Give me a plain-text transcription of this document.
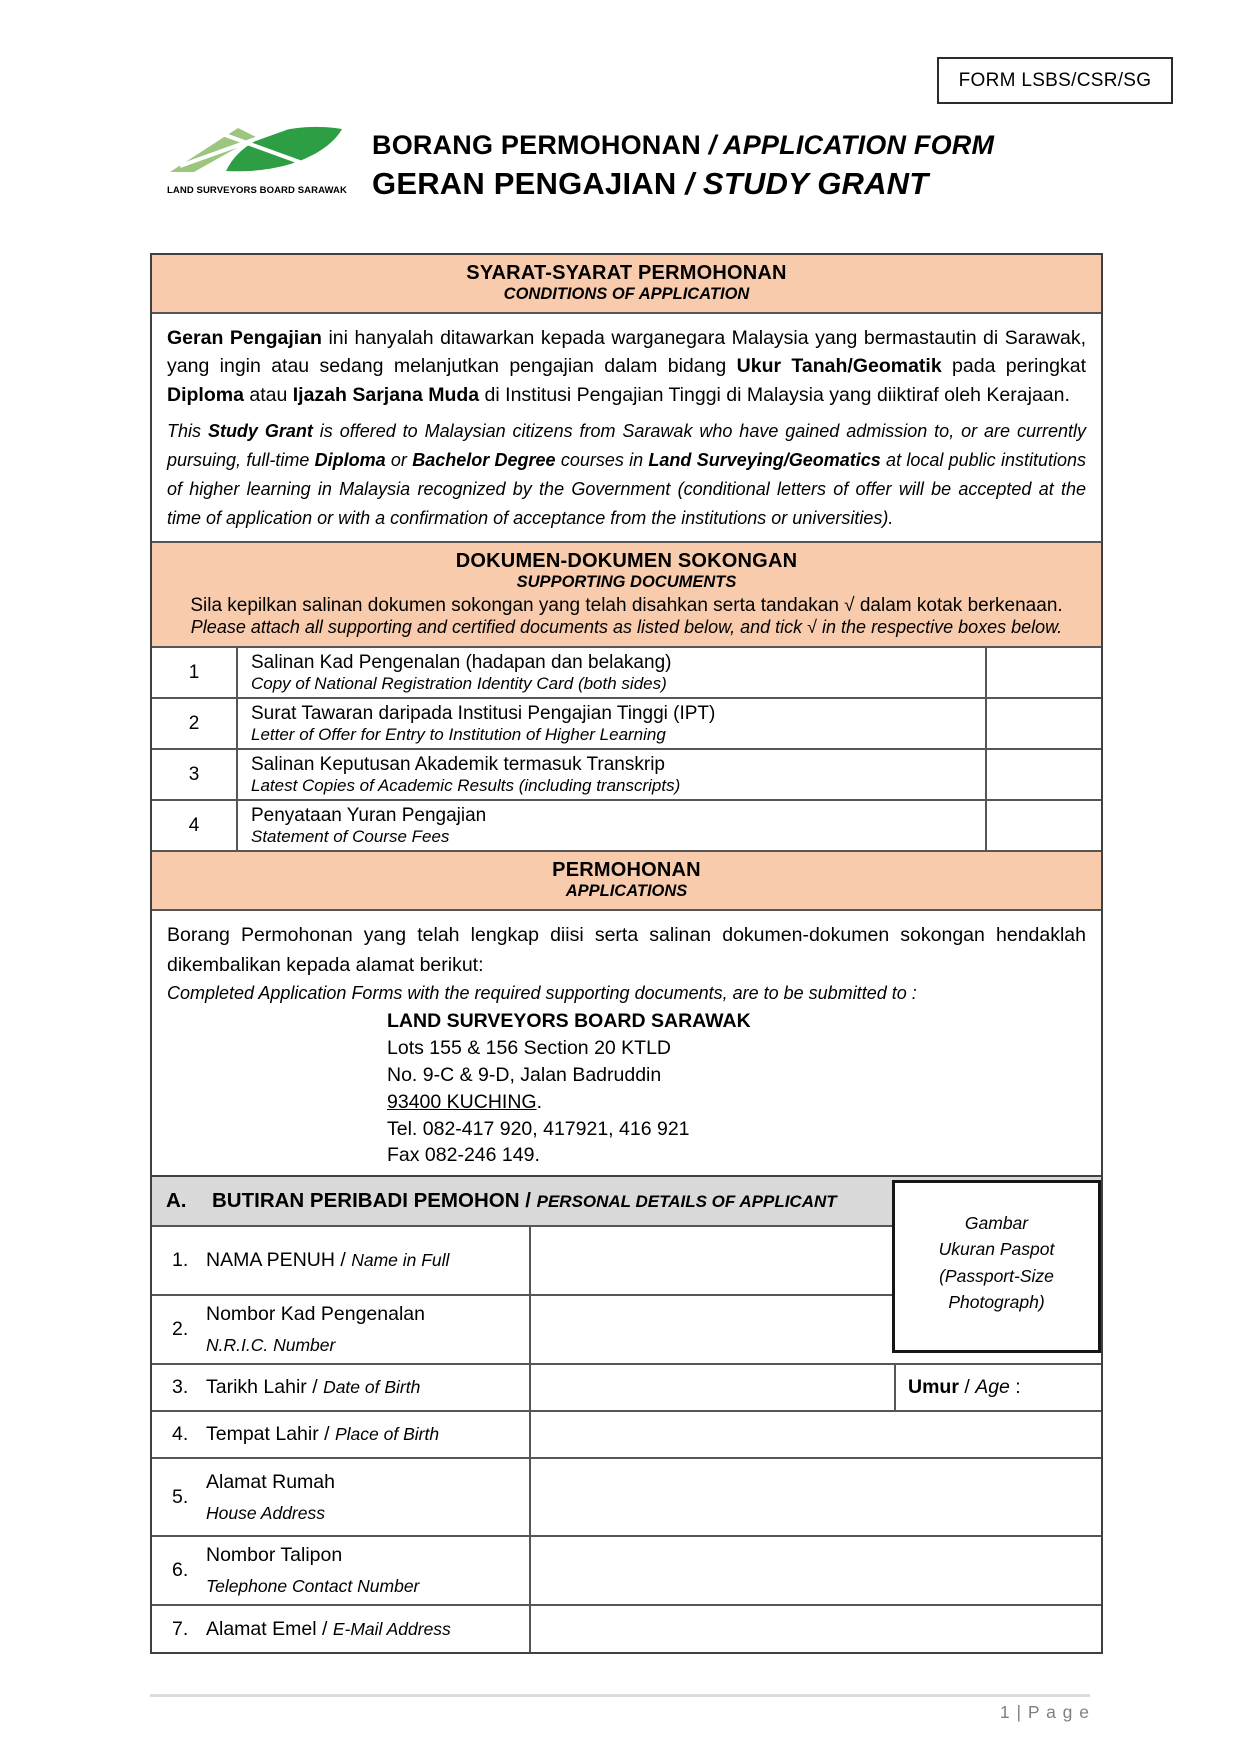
FORM LSBS/CSR/SG
LAND SURVEYORS BOARD SARAWAK
BORANG PERMOHONAN / APPLICATION FORM
GERAN PENGAJIAN / STUDY GRANT
SYARAT-SYARAT PERMOHONAN
CONDITIONS OF APPLICATION

Geran Pengajian ini hanyalah ditawarkan kepada warganegara Malaysia yang bermastautin di Sarawak, yang ingin atau sedang melanjutkan pengajian dalam bidang Ukur Tanah/Geomatik pada peringkat Diploma atau Ijazah Sarjana Muda di Institusi Pengajian Tinggi di Malaysia yang diiktiraf oleh Kerajaan.

This Study Grant is offered to Malaysian citizens from Sarawak who have gained admission to, or are currently pursuing, full-time Diploma or Bachelor Degree courses in Land Surveying/Geomatics at local public institutions of higher learning in Malaysia recognized by the Government (conditional letters of offer will be accepted at the time of application or with a confirmation of acceptance from the institutions or universities).

DOKUMEN-DOKUMEN SOKONGAN
SUPPORTING DOCUMENTS
Sila kepilkan salinan dokumen sokongan yang telah disahkan serta tandakan √ dalam kotak berkenaan.
Please attach all supporting and certified documents as listed below, and tick √ in the respective boxes below.
1	Salinan Kad Pengenalan (hadapan dan belakang)
Copy of National Registration Identity Card (both sides)
2	Surat Tawaran daripada Institusi Pengajian Tinggi (IPT)
Letter of Offer for Entry to Institution of Higher Learning
3	Salinan Keputusan Akademik termasuk Transkrip
Latest Copies of Academic Results (including transcripts)
4	Penyataan Yuran Pengajian
Statement of Course Fees
PERMOHONAN
APPLICATIONS

Borang Permohonan yang telah lengkap diisi serta salinan dokumen-dokumen sokongan hendaklah dikembalikan kepada alamat berikut:

Completed Application Forms with the required supporting documents, are to be submitted to :

LAND SURVEYORS BOARD SARAWAK
Lots 155 & 156 Section 20 KTLD
No. 9-C & 9-D, Jalan Badruddin
93400 KUCHING.
Tel. 082-417 920, 417921, 416 921
Fax 082-246 149.
A.	BUTIRAN PERIBADI PEMOHON / PERSONAL DETAILS OF APPLICANT
1. NAMA PENUH / Name in Full
2.
Nombor Kad Pengenalan
N.R.I.C. Number
3. Tarikh Lahir / Date of Birth	Umur / Age :
4. Tempat Lahir / Place of Birth
5.
Alamat Rumah
House Address
6.
Nombor Talipon
Telephone Contact Number
7. Alamat Emel / E-Mail Address
Gambar
Ukuran Paspot
(Passport-Size
Photograph)
1 | P a g e
